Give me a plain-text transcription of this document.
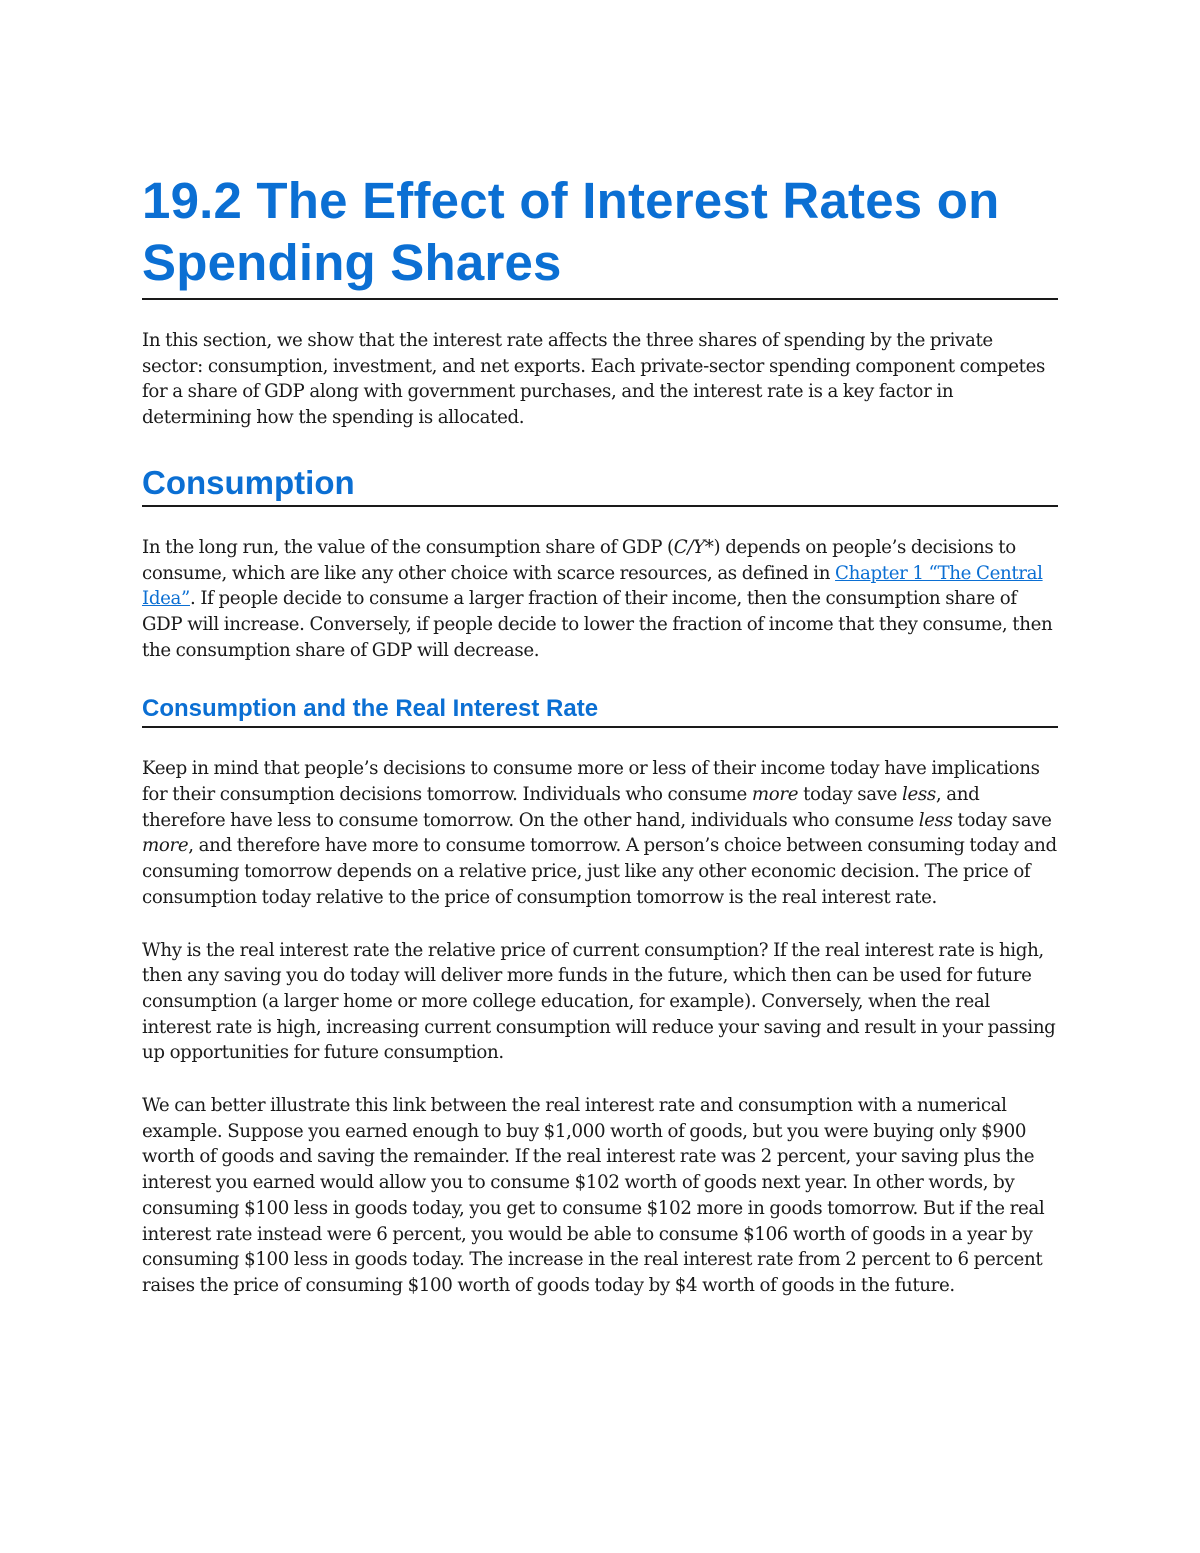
19.2 The Effect of Interest Rates on Spending Shares

In this section, we show that the interest rate affects the three shares of spending by the private sector: consumption, investment, and net exports. Each private-sector spending component competes for a share of GDP along with government purchases, and the interest rate is a key factor in determining how the spending is allocated.

Consumption

In the long run, the value of the consumption share of GDP (C/Y*) depends on people’s decisions to consume, which are like any other choice with scarce resources, as defined in Chapter 1 “The Central Idea”. If people decide to consume a larger fraction of their income, then the consumption share of GDP will increase. Conversely, if people decide to lower the fraction of income that they consume, then the consumption share of GDP will decrease.

Consumption and the Real Interest Rate

Keep in mind that people’s decisions to consume more or less of their income today have implications for their consumption decisions tomorrow. Individuals who consume more today save less, and therefore have less to consume tomorrow. On the other hand, individuals who consume less today save more, and therefore have more to consume tomorrow. A person’s choice between consuming today and consuming tomorrow depends on a relative price, just like any other economic decision. The price of consumption today relative to the price of consumption tomorrow is the real interest rate.

Why is the real interest rate the relative price of current consumption? If the real interest rate is high, then any saving you do today will deliver more funds in the future, which then can be used for future consumption (a larger home or more college education, for example). Conversely, when the real interest rate is high, increasing current consumption will reduce your saving and result in your passing up opportunities for future consumption.

We can better illustrate this link between the real interest rate and consumption with a numerical example. Suppose you earned enough to buy $1,000 worth of goods, but you were buying only $900 worth of goods and saving the remainder. If the real interest rate was 2 percent, your saving plus the interest you earned would allow you to consume $102 worth of goods next year. In other words, by consuming $100 less in goods today, you get to consume $102 more in goods tomorrow. But if the real interest rate instead were 6 percent, you would be able to consume $106 worth of goods in a year by consuming $100 less in goods today. The increase in the real interest rate from 2 percent to 6 percent raises the price of consuming $100 worth of goods today by $4 worth of goods in the future.
